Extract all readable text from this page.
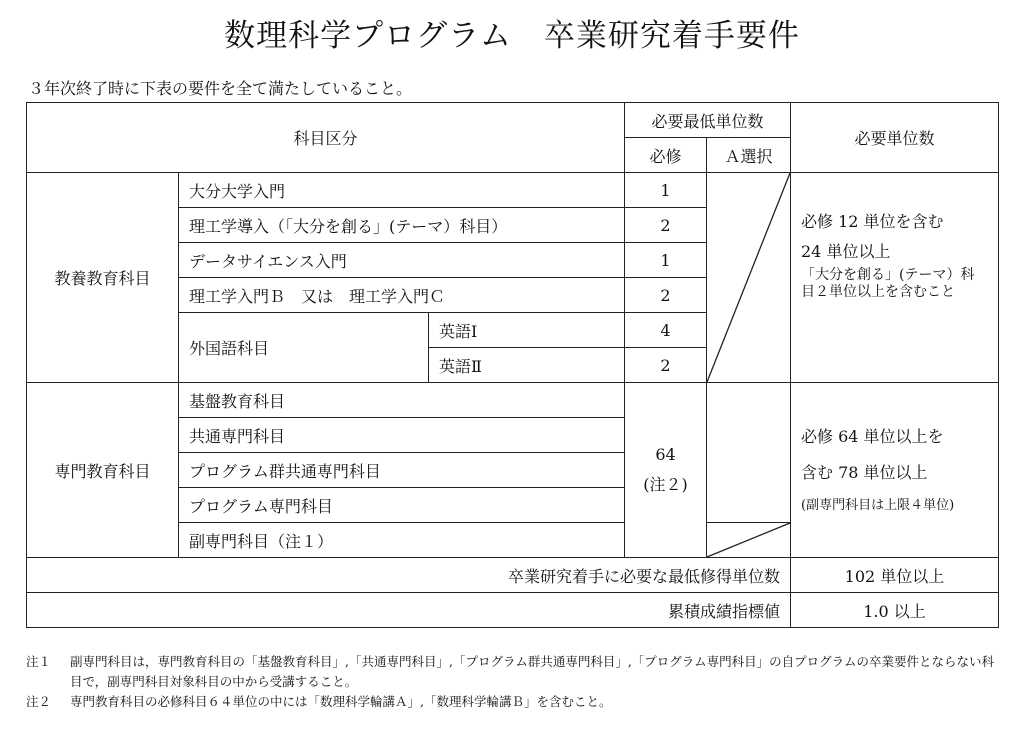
数理科学プログラム　卒業研究着手要件
３年次終了時に下表の要件を全て満たしていること。
科目区分			必要最低単位数		必要単位数
			必修	Ａ選択	
教養教育科目	大分大学入門		1		必修 12 単位を含む
24 単位以上
「大分を創る」(テーマ）科目２単位以上を含むこと

	理工学導入（「大分を創る」(テーマ）科目）		2		
	データサイエンス入門		1		
	理工学入門Ｂ　又は　理工学入門Ｃ		2		
	外国語科目	英語Ⅰ	4		
		英語Ⅱ	2		
専門教育科目	基盤教育科目		64
(注２)		必修 64 単位以上を
含む 78 単位以上
(副専門科目は上限４単位)

	共通専門科目				
	プログラム群共通専門科目				
	プログラム専門科目				
	副専門科目（注１）	

卒業研究着手に必要な最低修得単位数					102 単位以上
累積成績指標値					1.0 以上
注１	副専門科目は，専門教育科目の「基盤教育科目」,「共通専門科目」,「プログラム群共通専門科目」,「プログラム専門科目」の自プログラムの卒業要件とならない科目で，副専門科目対象科目の中から受講すること。
注２	専門教育科目の必修科目６４単位の中には「数理科学輪講Ａ」,「数理科学輪講Ｂ」を含むこと。
